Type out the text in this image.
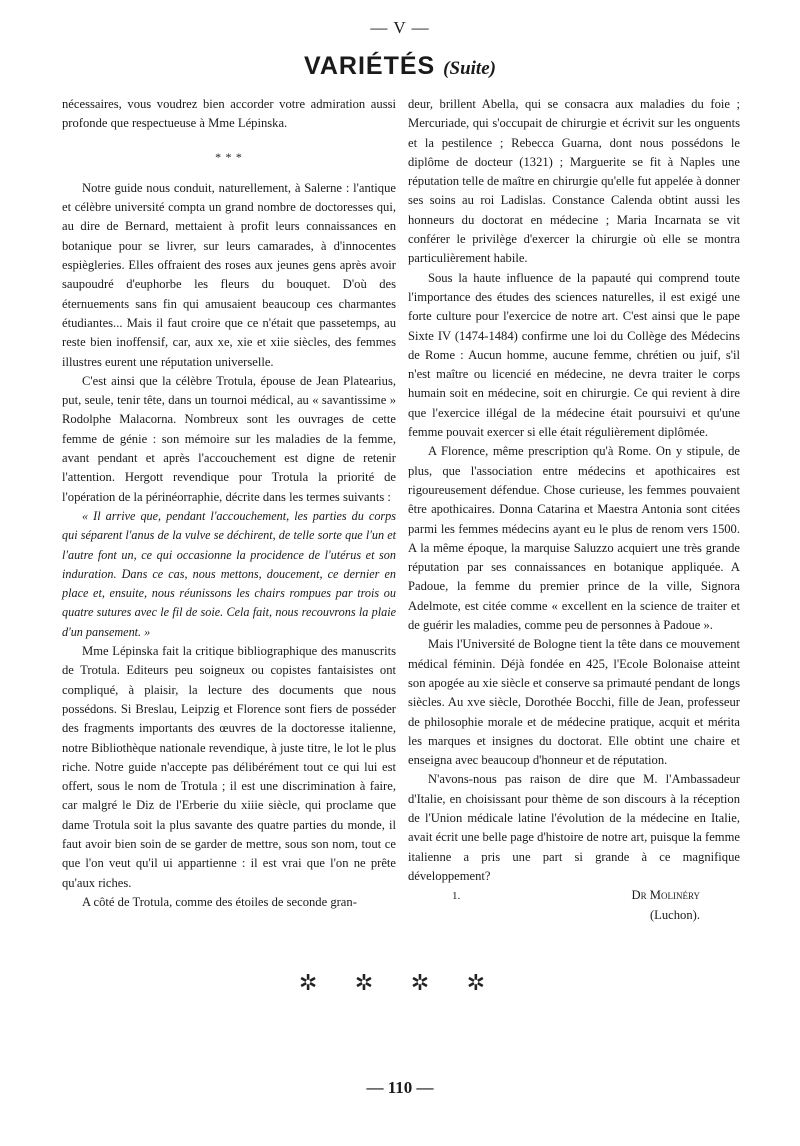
— V —
VARIÉTÉS (Suite)

nécessaires, vous voudrez bien accorder votre admiration aussi profonde que respectueuse à Mme Lépinska.

* * *

Notre guide nous conduit, naturellement, à Salerne : l'antique et célèbre université compta un grand nombre de doctoresses qui, au dire de Bernard, mettaient à profit leurs connaissances en botanique pour se livrer, sur leurs camarades, à d'innocentes espiègleries. Elles offraient des roses aux jeunes gens après avoir saupoudré d'euphorbe les fleurs du bouquet. D'où des éternuements sans fin qui amusaient beaucoup ces charmantes étudiantes... Mais il faut croire que ce n'était que passetemps, au reste bien inoffensif, car, aux xe, xie et xiie siècles, des femmes illustres eurent une réputation universelle.

C'est ainsi que la célèbre Trotula, épouse de Jean Platearius, put, seule, tenir tête, dans un tournoi médical, au « savantissime » Rodolphe Malacorna. Nombreux sont les ouvrages de cette femme de génie : son mémoire sur les maladies de la femme, avant pendant et après l'accouchement est digne de retenir l'attention. Hergott revendique pour Trotula la priorité de l'opération de la périnéorraphie, décrite dans les termes suivants :

« Il arrive que, pendant l'accouchement, les parties du corps qui séparent l'anus de la vulve se déchirent, de telle sorte que l'un et l'autre font un, ce qui occasionne la procidence de l'utérus et son induration. Dans ce cas, nous mettons, doucement, ce dernier en place et, ensuite, nous réunissons les chairs rompues par trois ou quatre sutures avec le fil de soie. Cela fait, nous recouvrons la plaie d'un pansement. »

Mme Lépinska fait la critique bibliographique des manuscrits de Trotula. Editeurs peu soigneux ou copistes fantaisistes ont compliqué, à plaisir, la lecture des documents que nous possédons. Si Breslau, Leipzig et Florence sont fiers de posséder des fragments importants des œuvres de la doctoresse italienne, notre Bibliothèque nationale revendique, à juste titre, le lot le plus riche. Notre guide n'accepte pas délibérément tout ce qui lui est offert, sous le nom de Trotula ; il est une discrimination à faire, car malgré le Diz de l'Erberie du xiiie siècle, qui proclame que dame Trotula soit la plus savante des quatre parties du monde, il faut avoir bien soin de se garder de mettre, sous son nom, tout ce que l'on veut qu'il ui appartienne : il est vrai que l'on ne prête qu'aux riches.

A côté de Trotula, comme des étoiles de seconde gran-

deur, brillent Abella, qui se consacra aux maladies du foie ; Mercuriade, qui s'occupait de chirurgie et écrivit sur les onguents et la pestilence ; Rebecca Guarna, dont nous possédons le diplôme de docteur (1321) ; Marguerite se fit à Naples une réputation telle de maître en chirurgie qu'elle fut appelée à donner ses soins au roi Ladislas. Constance Calenda obtint aussi les honneurs du doctorat en médecine ; Maria Incarnata se vit conférer le privilège d'exercer la chirurgie où elle se montra particulièrement habile.

Sous la haute influence de la papauté qui comprend toute l'importance des études des sciences naturelles, il est exigé une forte culture pour l'exercice de notre art. C'est ainsi que le pape Sixte IV (1474-1484) confirme une loi du Collège des Médecins de Rome : Aucun homme, aucune femme, chrétien ou juif, s'il n'est maître ou licencié en médecine, ne devra traiter le corps humain soit en médecine, soit en chirurgie. Ce qui revient à dire que l'exercice illégal de la médecine était poursuivi et qu'une femme pouvait exercer si elle était régulièrement diplômée.

A Florence, même prescription qu'à Rome. On y stipule, de plus, que l'association entre médecins et apothicaires est rigoureusement défendue. Chose curieuse, les femmes pouvaient être apothicaires. Donna Catarina et Maestra Antonia sont citées parmi les femmes médecins ayant eu le plus de renom vers 1500. A la même époque, la marquise Saluzzo acquiert une très grande réputation par ses connaissances en botanique appliquée. A Padoue, la femme du premier prince de la ville, Signora Adelmote, est citée comme « excellent en la science de traiter et de guérir les maladies, comme peu de personnes à Padoue ».

Mais l'Université de Bologne tient la tête dans ce mouvement médical féminin. Déjà fondée en 425, l'Ecole Bolonaise atteint son apogée au xie siècle et conserve sa primauté pendant de longs siècles. Au xve siècle, Dorothée Bocchi, fille de Jean, professeur de philosophie morale et de médecine pratique, acquit et mérita les marques et insignes du doctorat. Elle obtint une chaire et enseigna avec beaucoup d'honneur et de réputation.

N'avons-nous pas raison de dire que M. l'Ambassadeur d'Italie, en choisissant pour thème de son discours à la réception de l'Union médicale latine l'évolution de la médecine en Italie, avait écrit une belle page d'histoire de notre art, puisque la femme italienne a pris une part si grande à ce magnifique développement?

1.	Dr Molinéry
(Luchon).
✲ ✲ ✲ ✲
— 110 —
